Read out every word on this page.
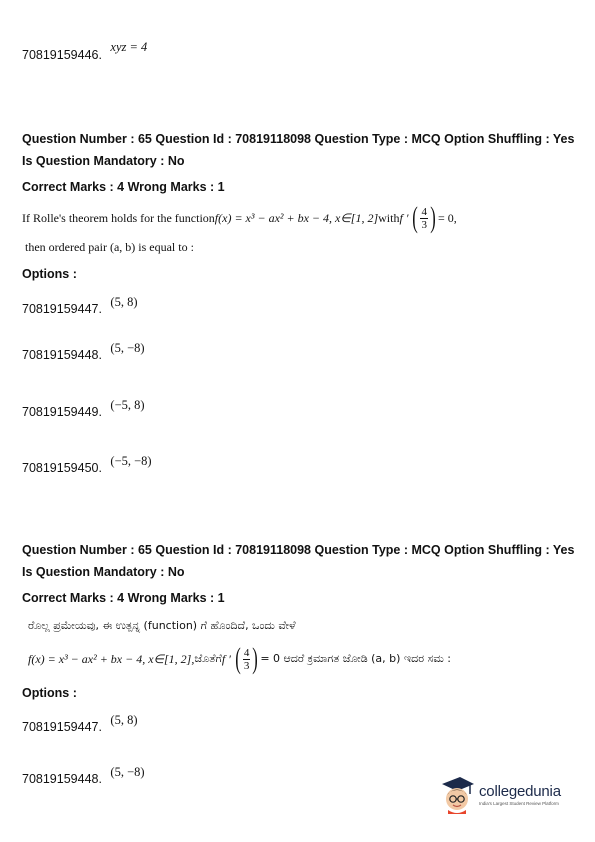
70819159446. $^{xyz = 4}$
Question Number : 65 Question Id : 70819118098 Question Type : MCQ Option Shuffling : Yes
Is Question Mandatory : No
Correct Marks : 4 Wrong Marks : 1
If Rolle's theorem holds for the function f(x) = x³ − ax² + bx − 4, x∈[1, 2] with f ′ ( $\frac{4}{3}$ ) = 0,
then ordered pair (a, b) is equal to :
Options :
70819159447. $^{(5, 8)}$
70819159448. $^{(5, -8)}$
70819159449. $^{(-5, 8)}$
70819159450. $^{(-5, -8)}$
Question Number : 65 Question Id : 70819118098 Question Type : MCQ Option Shuffling : Yes
Is Question Mandatory : No
Correct Marks : 4 Wrong Marks : 1
ರೊಲ್ಲ ಪ್ರಮೇಯವು, ಈ ಉತ್ಪನ್ನ (function) ಗೆ ಹೊಂದಿದೆ, ಒಂದು ವೇಳೆ
f(x) = x³ − ax² + bx − 4, x∈[1, 2], ಜೊತೆಗೆ f ′ ( $\frac{4}{3}$ ) = 0 ಆದರೆ ಕ್ರಮಾಗತ ಜೋಡಿ (a, b) ಇದರ ಸಮ :
Options :
70819159447. $^{(5, 8)}$
70819159448. $^{(5, -8)}$
collegedunia
India's Largest Student Review Platform
